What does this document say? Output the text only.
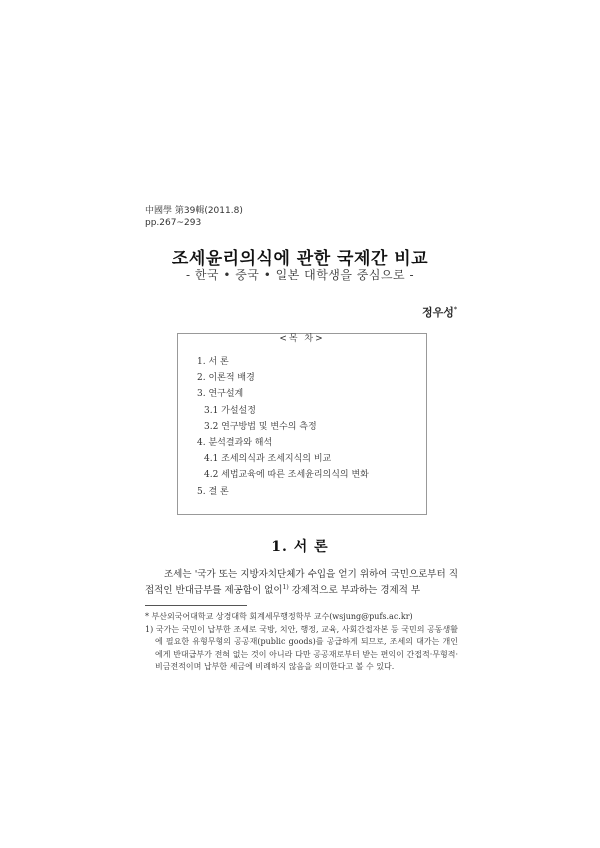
中國學 第39輯(2011.8)
pp.267~293
조세윤리의식에 관한 국제간 비교
- 한국 • 중국 • 일본 대학생을 중심으로 -
정우성*
<목 차>
1. 서 론
2. 이론적 배경
3. 연구설계
3.1 가설설정
3.2 연구방법 및 변수의 측정
4. 분석결과와 해석
4.1 조세의식과 조세지식의 비교
4.2 세법교육에 따른 조세윤리의식의 변화
5. 결 론
1. 서 론

조세는 '국가 또는 지방자치단체가 수입을 얻기 위하여 국민으로부터 직접적인 반대급부를 제공함이 없이$^{1)}$ 강제적으로 부과하는 경제적 부

* 부산외국어대학교 상경대학 회계세무행정학부 교수(wsjung@pufs.ac.kr)

1) 국가는 국민이 납부한 조세로 국방, 치안, 행정, 교육, 사회간접자본 등 국민의 공동생활에 필요한 유형무형의 공공재(public goods)를 공급하게 되므로, 조세의 대가는 개인에게 반대급부가 전혀 없는 것이 아니라 다만 공공재로부터 받는 편익이 간접적·무형적·비금전적이며 납부한 세금에 비례하지 않음을 의미한다고 볼 수 있다.
